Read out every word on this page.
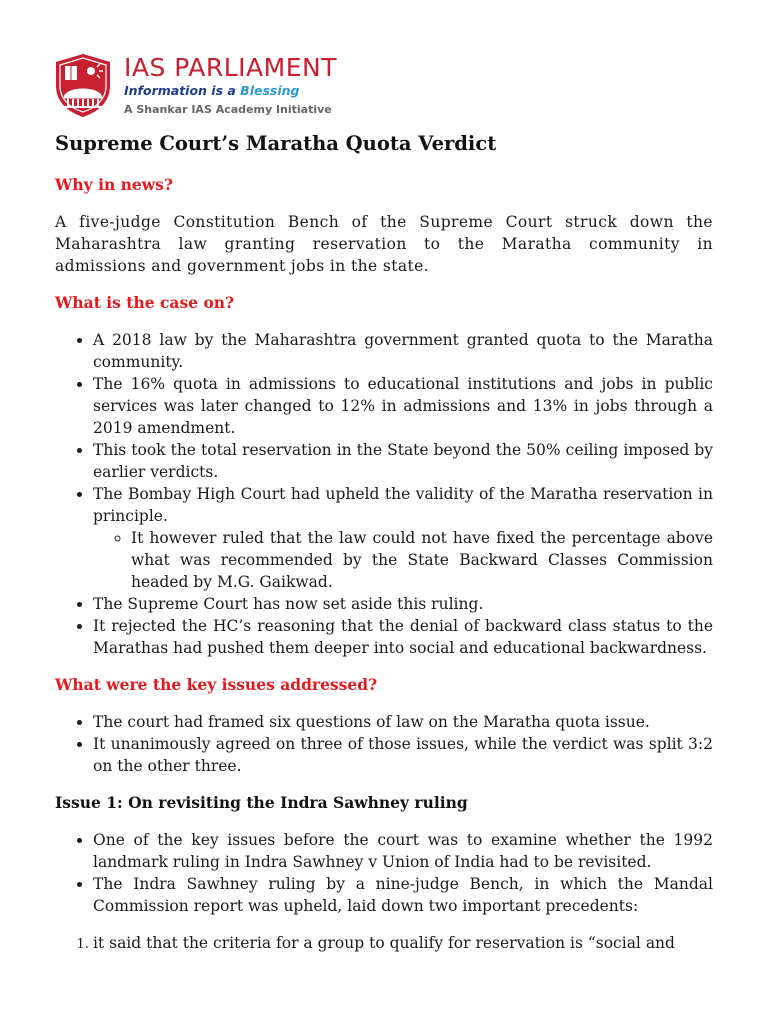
IAS PARLIAMENT
Information is a Blessing
A Shankar IAS Academy Initiative
Supreme Court’s Maratha Quota Verdict
Why in news?

A five-judge Constitution Bench of the Supreme Court struck down the Maharashtra law granting reservation to the Maratha community in admissions and government jobs in the state.

What is the case on?
• A 2018 law by the Maharashtra government granted quota to the Maratha community.
• The 16% quota in admissions to educational institutions and jobs in public services was later changed to 12% in admissions and 13% in jobs through a 2019 amendment.
• This took the total reservation in the State beyond the 50% ceiling imposed by earlier verdicts.
• The Bombay High Court had upheld the validity of the Maratha reservation in principle.
◦ It however ruled that the law could not have fixed the percentage above what was recommended by the State Backward Classes Commission headed by M.G. Gaikwad.
• The Supreme Court has now set aside this ruling.
• It rejected the HC’s reasoning that the denial of backward class status to the Marathas had pushed them deeper into social and educational backwardness.
What were the key issues addressed?
• The court had framed six questions of law on the Maratha quota issue.
• It unanimously agreed on three of those issues, while the verdict was split 3:2 on the other three.
Issue 1: On revisiting the Indra Sawhney ruling
• One of the key issues before the court was to examine whether the 1992 landmark ruling in Indra Sawhney v Union of India had to be revisited.
• The Indra Sawhney ruling by a nine-judge Bench, in which the Mandal Commission report was upheld, laid down two important precedents:
1. it said that the criteria for a group to qualify for reservation is “social and
